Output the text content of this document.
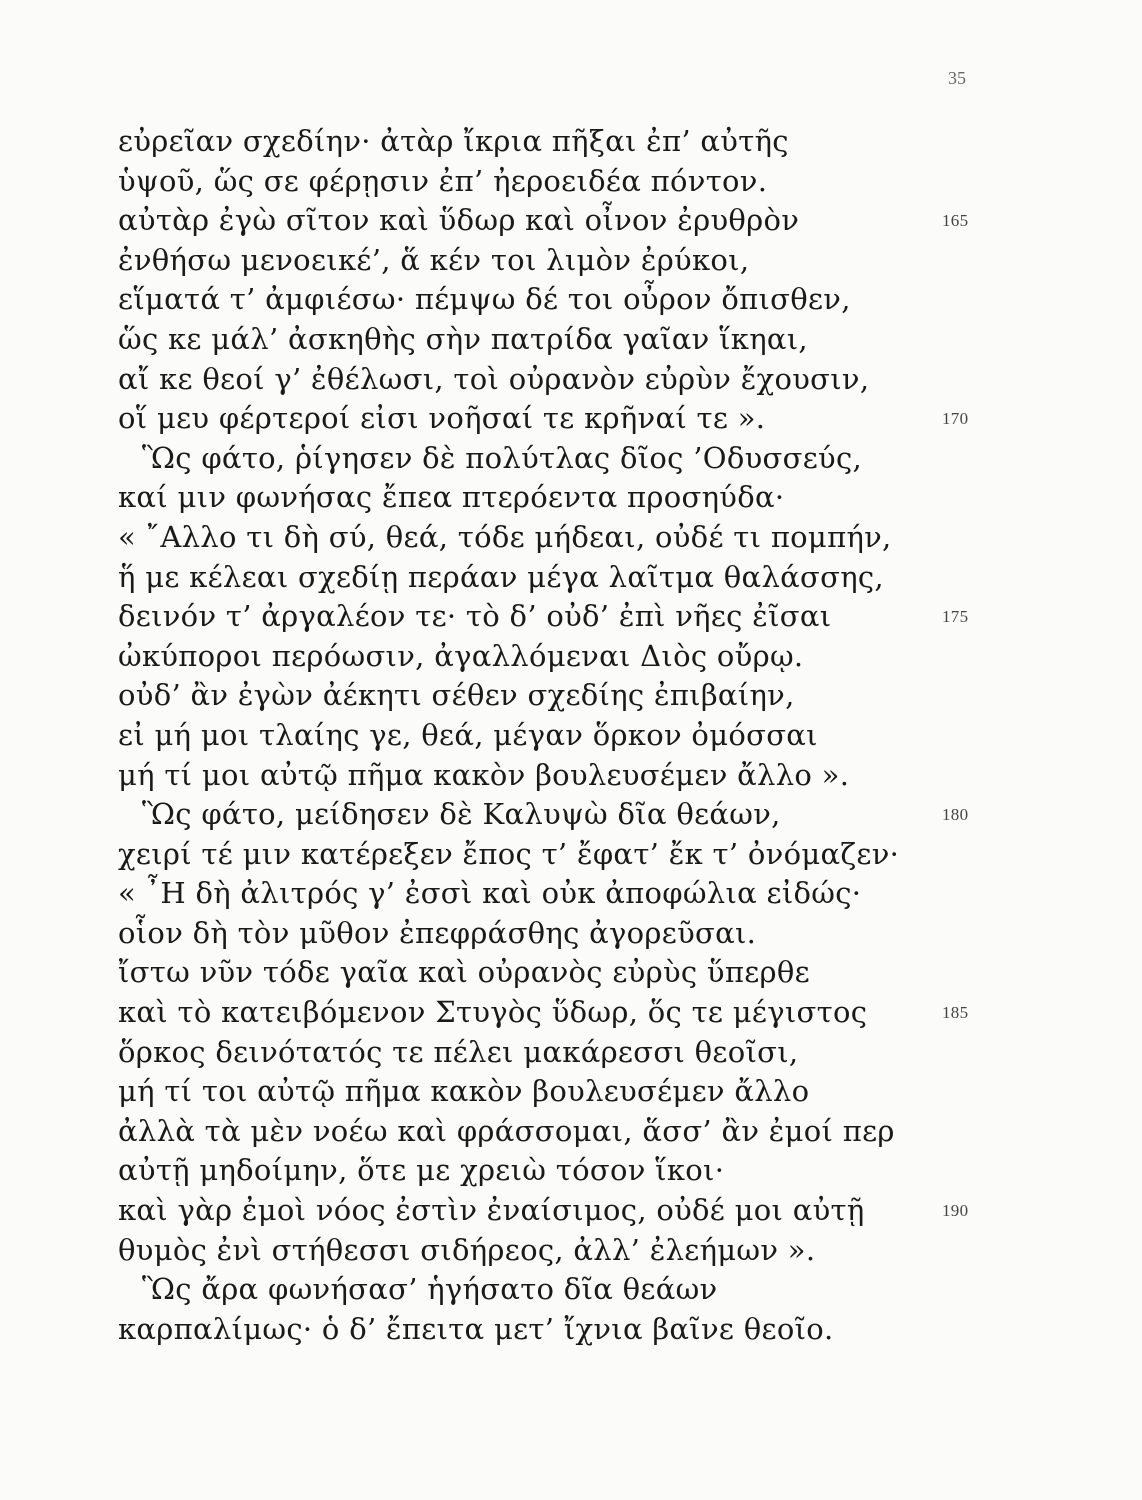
35
εὐρεῖαν σχεδίην· ἀτὰρ ἴκρια πῆξαι ἐπ’ αὐτῆς
ὑψοῦ, ὥς σε φέρῃσιν ἐπ’ ἠεροειδέα πόντον.
αὐτὰρ ἐγὼ σῖτον καὶ ὕδωρ καὶ οἶνον ἐρυθρὸν	165
ἐνθήσω μενοεικέ’, ἅ κέν τοι λιμὸν ἐρύκοι,
εἵματά τ’ ἀμφιέσω· πέμψω δέ τοι οὖρον ὄπισθεν,
ὥς κε μάλ’ ἀσκηθὴς σὴν πατρίδα γαῖαν ἵκηαι,
αἴ κε θεοί γ’ ἐθέλωσι, τοὶ οὐρανὸν εὐρὺν ἔχουσιν,
οἵ μευ φέρτεροί εἰσι νοῆσαί τε κρῆναί τε ».	170
Ὣς φάτο, ῥίγησεν δὲ πολύτλας δῖος ’Οδυσσεύς,
καί μιν φωνήσας ἔπεα πτερόεντα προσηύδα·
« ῎Αλλο τι δὴ σύ, θεά, τόδε μήδεαι, οὐδέ τι πομπήν,
ἥ με κέλεαι σχεδίῃ περάαν μέγα λαῖτμα θαλάσσης,
δεινόν τ’ ἀργαλέον τε· τὸ δ’ οὐδ’ ἐπὶ νῆες ἐῖσαι	175
ὠκύποροι περόωσιν, ἀγαλλόμεναι Διὸς οὔρῳ.
οὐδ’ ἂν ἐγὼν ἀέκητι σέθεν σχεδίης ἐπιβαίην,
εἰ μή μοι τλαίης γε, θεά, μέγαν ὅρκον ὀμόσσαι
μή τί μοι αὐτῷ πῆμα κακὸν βουλευσέμεν ἄλλο ».
Ὣς φάτο, μείδησεν δὲ Καλυψὼ δῖα θεάων,	180
χειρί τέ μιν κατέρεξεν ἔπος τ’ ἔφατ’ ἔκ τ’ ὀνόμαζεν·
« ῏Η δὴ ἀλιτρός γ’ ἐσσὶ καὶ οὐκ ἀποφώλια εἰδώς·
οἷον δὴ τὸν μῦθον ἐπεφράσθης ἀγορεῦσαι.
ἴστω νῦν τόδε γαῖα καὶ οὐρανὸς εὐρὺς ὕπερθε
καὶ τὸ κατειβόμενον Στυγὸς ὕδωρ, ὅς τε μέγιστος	185
ὅρκος δεινότατός τε πέλει μακάρεσσι θεοῖσι,
μή τί τοι αὐτῷ πῆμα κακὸν βουλευσέμεν ἄλλο
ἀλλὰ τὰ μὲν νοέω καὶ φράσσομαι, ἅσσ’ ἂν ἐμοί περ
αὐτῇ μηδοίμην, ὅτε με χρειὼ τόσον ἵκοι·
καὶ γὰρ ἐμοὶ νόος ἐστὶν ἐναίσιμος, οὐδέ μοι αὐτῇ	190
θυμὸς ἐνὶ στήθεσσι σιδήρεος, ἀλλ’ ἐλεήμων ».
Ὣς ἄρα φωνήσασ’ ἡγήσατο δῖα θεάων
καρπαλίμως· ὁ δ’ ἔπειτα μετ’ ἴχνια βαῖνε θεοῖο.
